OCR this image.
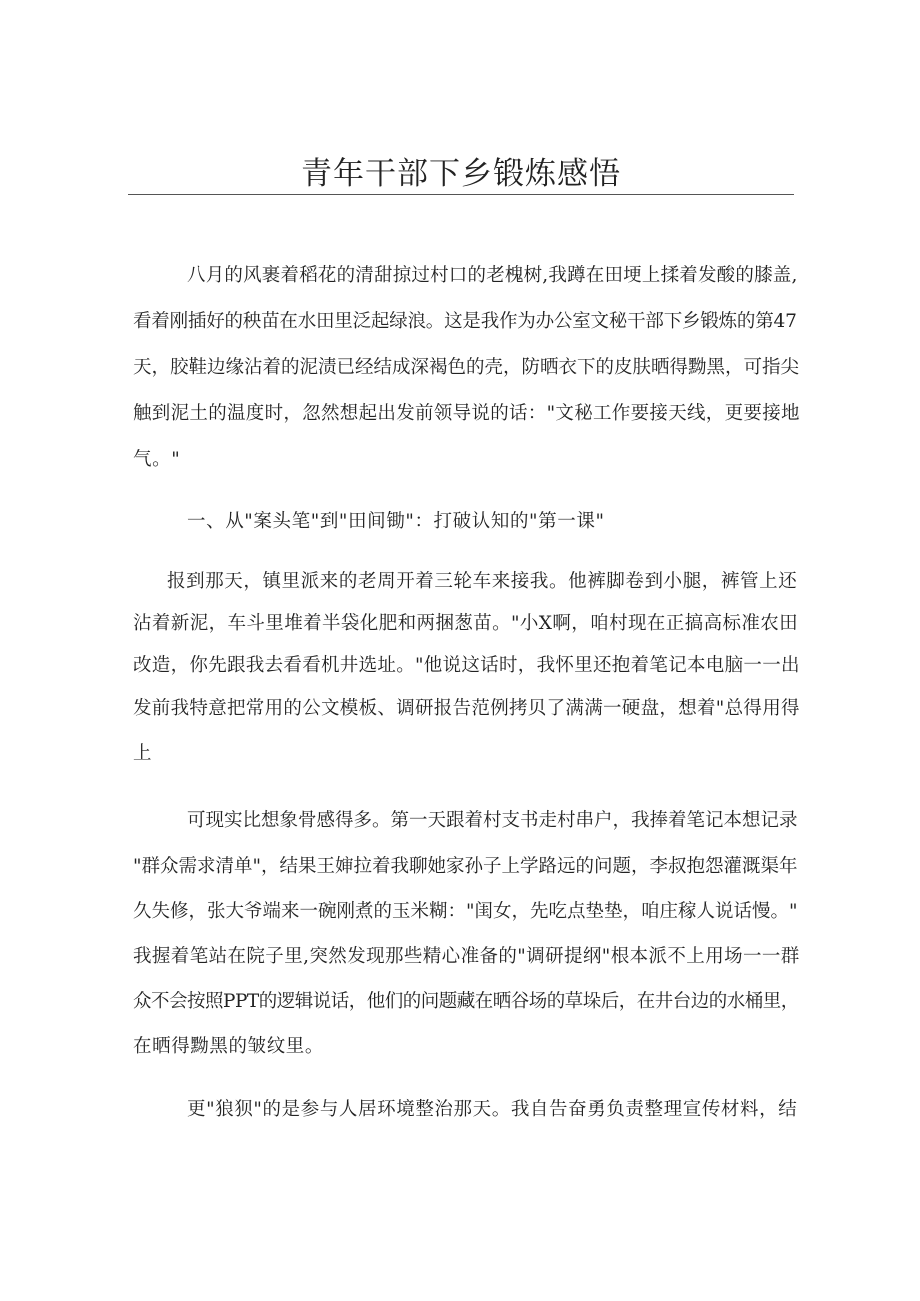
青年干部下乡锻炼感悟
八月的风裹着稻花的清甜掠过村口的老槐树,我蹲在田埂上揉着发酸的膝盖,
看着刚插好的秧苗在水田里泛起绿浪。这是我作为办公室文秘干部下乡锻炼的第47
天，胶鞋边缘沾着的泥渍已经结成深褐色的壳，防晒衣下的皮肤晒得黝黑，可指尖
触到泥土的温度时，忽然想起出发前领导说的话："文秘工作要接天线，更要接地
气。"
一、从"案头笔"到"田间锄"：打破认知的"第一课"
报到那天，镇里派来的老周开着三轮车来接我。他裤脚卷到小腿，裤管上还
沾着新泥，车斗里堆着半袋化肥和两捆葱苗。"小X啊，咱村现在正搞高标准农田
改造，你先跟我去看看机井选址。"他说这话时，我怀里还抱着笔记本电脑一一出
发前我特意把常用的公文模板、调研报告范例拷贝了满满一硬盘，想着"总得用得
上
可现实比想象骨感得多。第一天跟着村支书走村串户，我捧着笔记本想记录
"群众需求清单"，结果王婶拉着我聊她家孙子上学路远的问题，李叔抱怨灌溉渠年
久失修，张大爷端来一碗刚煮的玉米糊："闺女，先吃点垫垫，咱庄稼人说话慢。"
我握着笔站在院子里,突然发现那些精心准备的"调研提纲"根本派不上用场一一群
众不会按照PPT的逻辑说话，他们的问题藏在晒谷场的草垛后，在井台边的水桶里，
在晒得黝黑的皱纹里。
更"狼狈"的是参与人居环境整治那天。我自告奋勇负责整理宣传材料，结
